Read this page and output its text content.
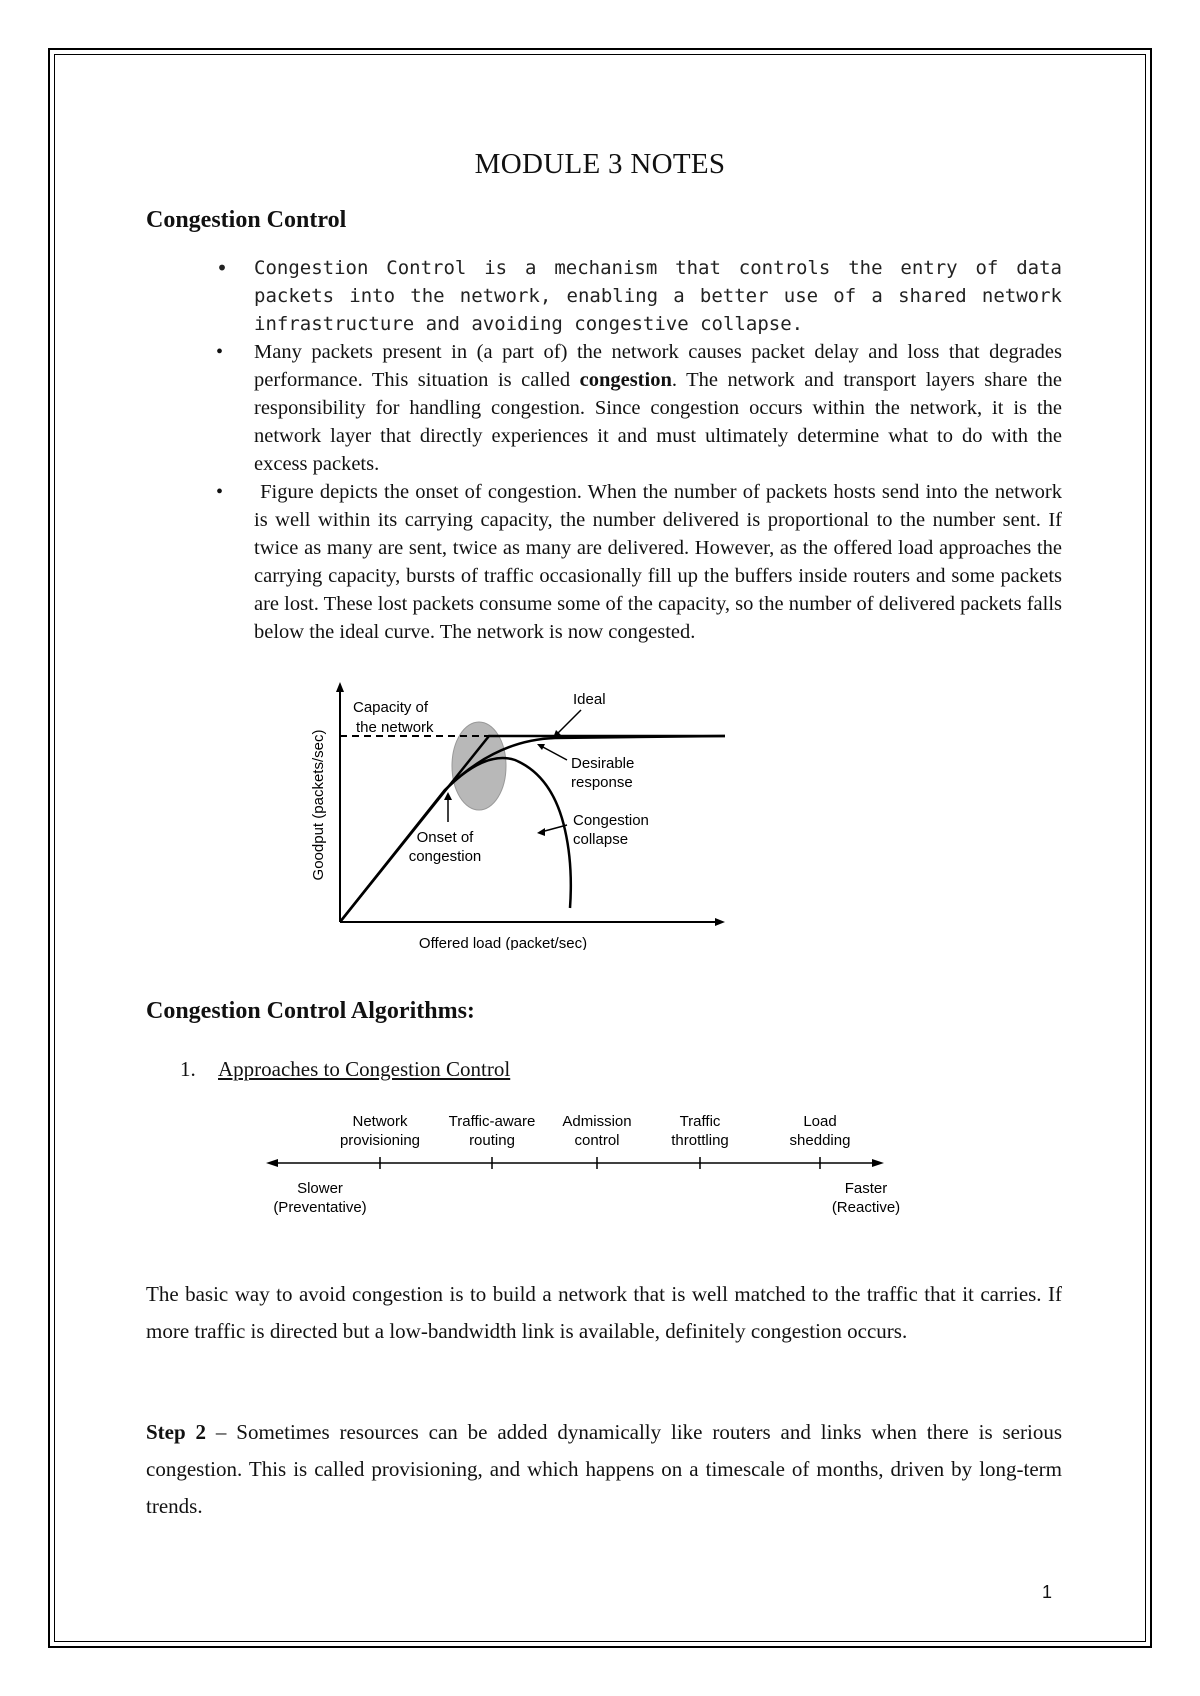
MODULE 3 NOTES
Congestion Control
• Congestion Control is a mechanism that controls the entry of data packets into the network, enabling a better use of a shared network infrastructure and avoiding congestive collapse.
• Many packets present in (a part of) the network causes packet delay and loss that degrades performance. This situation is called congestion. The network and transport layers share the responsibility for handling congestion. Since congestion occurs within the network, it is the network layer that directly experiences it and must ultimately determine what to do with the excess packets.
• Figure depicts the onset of congestion. When the number of packets hosts send into the network is well within its carrying capacity, the number delivered is proportional to the number sent. If twice as many are sent, twice as many are delivered. However, as the offered load approaches the carrying capacity, bursts of traffic occasionally fill up the buffers inside routers and some packets are lost. These lost packets consume some of the capacity, so the number of delivered packets falls below the ideal curve. The network is now congested.
Capacity of
the network
Ideal
Desirable
response
Congestion
collapse
Onset of
congestion
Offered load (packet/sec)
Goodput (packets/sec)
Congestion Control Algorithms:
1. Approaches to Congestion Control
Network
provisioning
Traffic-aware
routing
Admission
control
Traffic
throttling
Load
shedding
Slower
(Preventative)
Faster
(Reactive)
The basic way to avoid congestion is to build a network that is well matched to the traffic that it carries. If more traffic is directed but a low-bandwidth link is available, definitely congestion occurs.
Step 2 – Sometimes resources can be added dynamically like routers and links when there is serious congestion. This is called provisioning, and which happens on a timescale of months, driven by long-term trends.
1
